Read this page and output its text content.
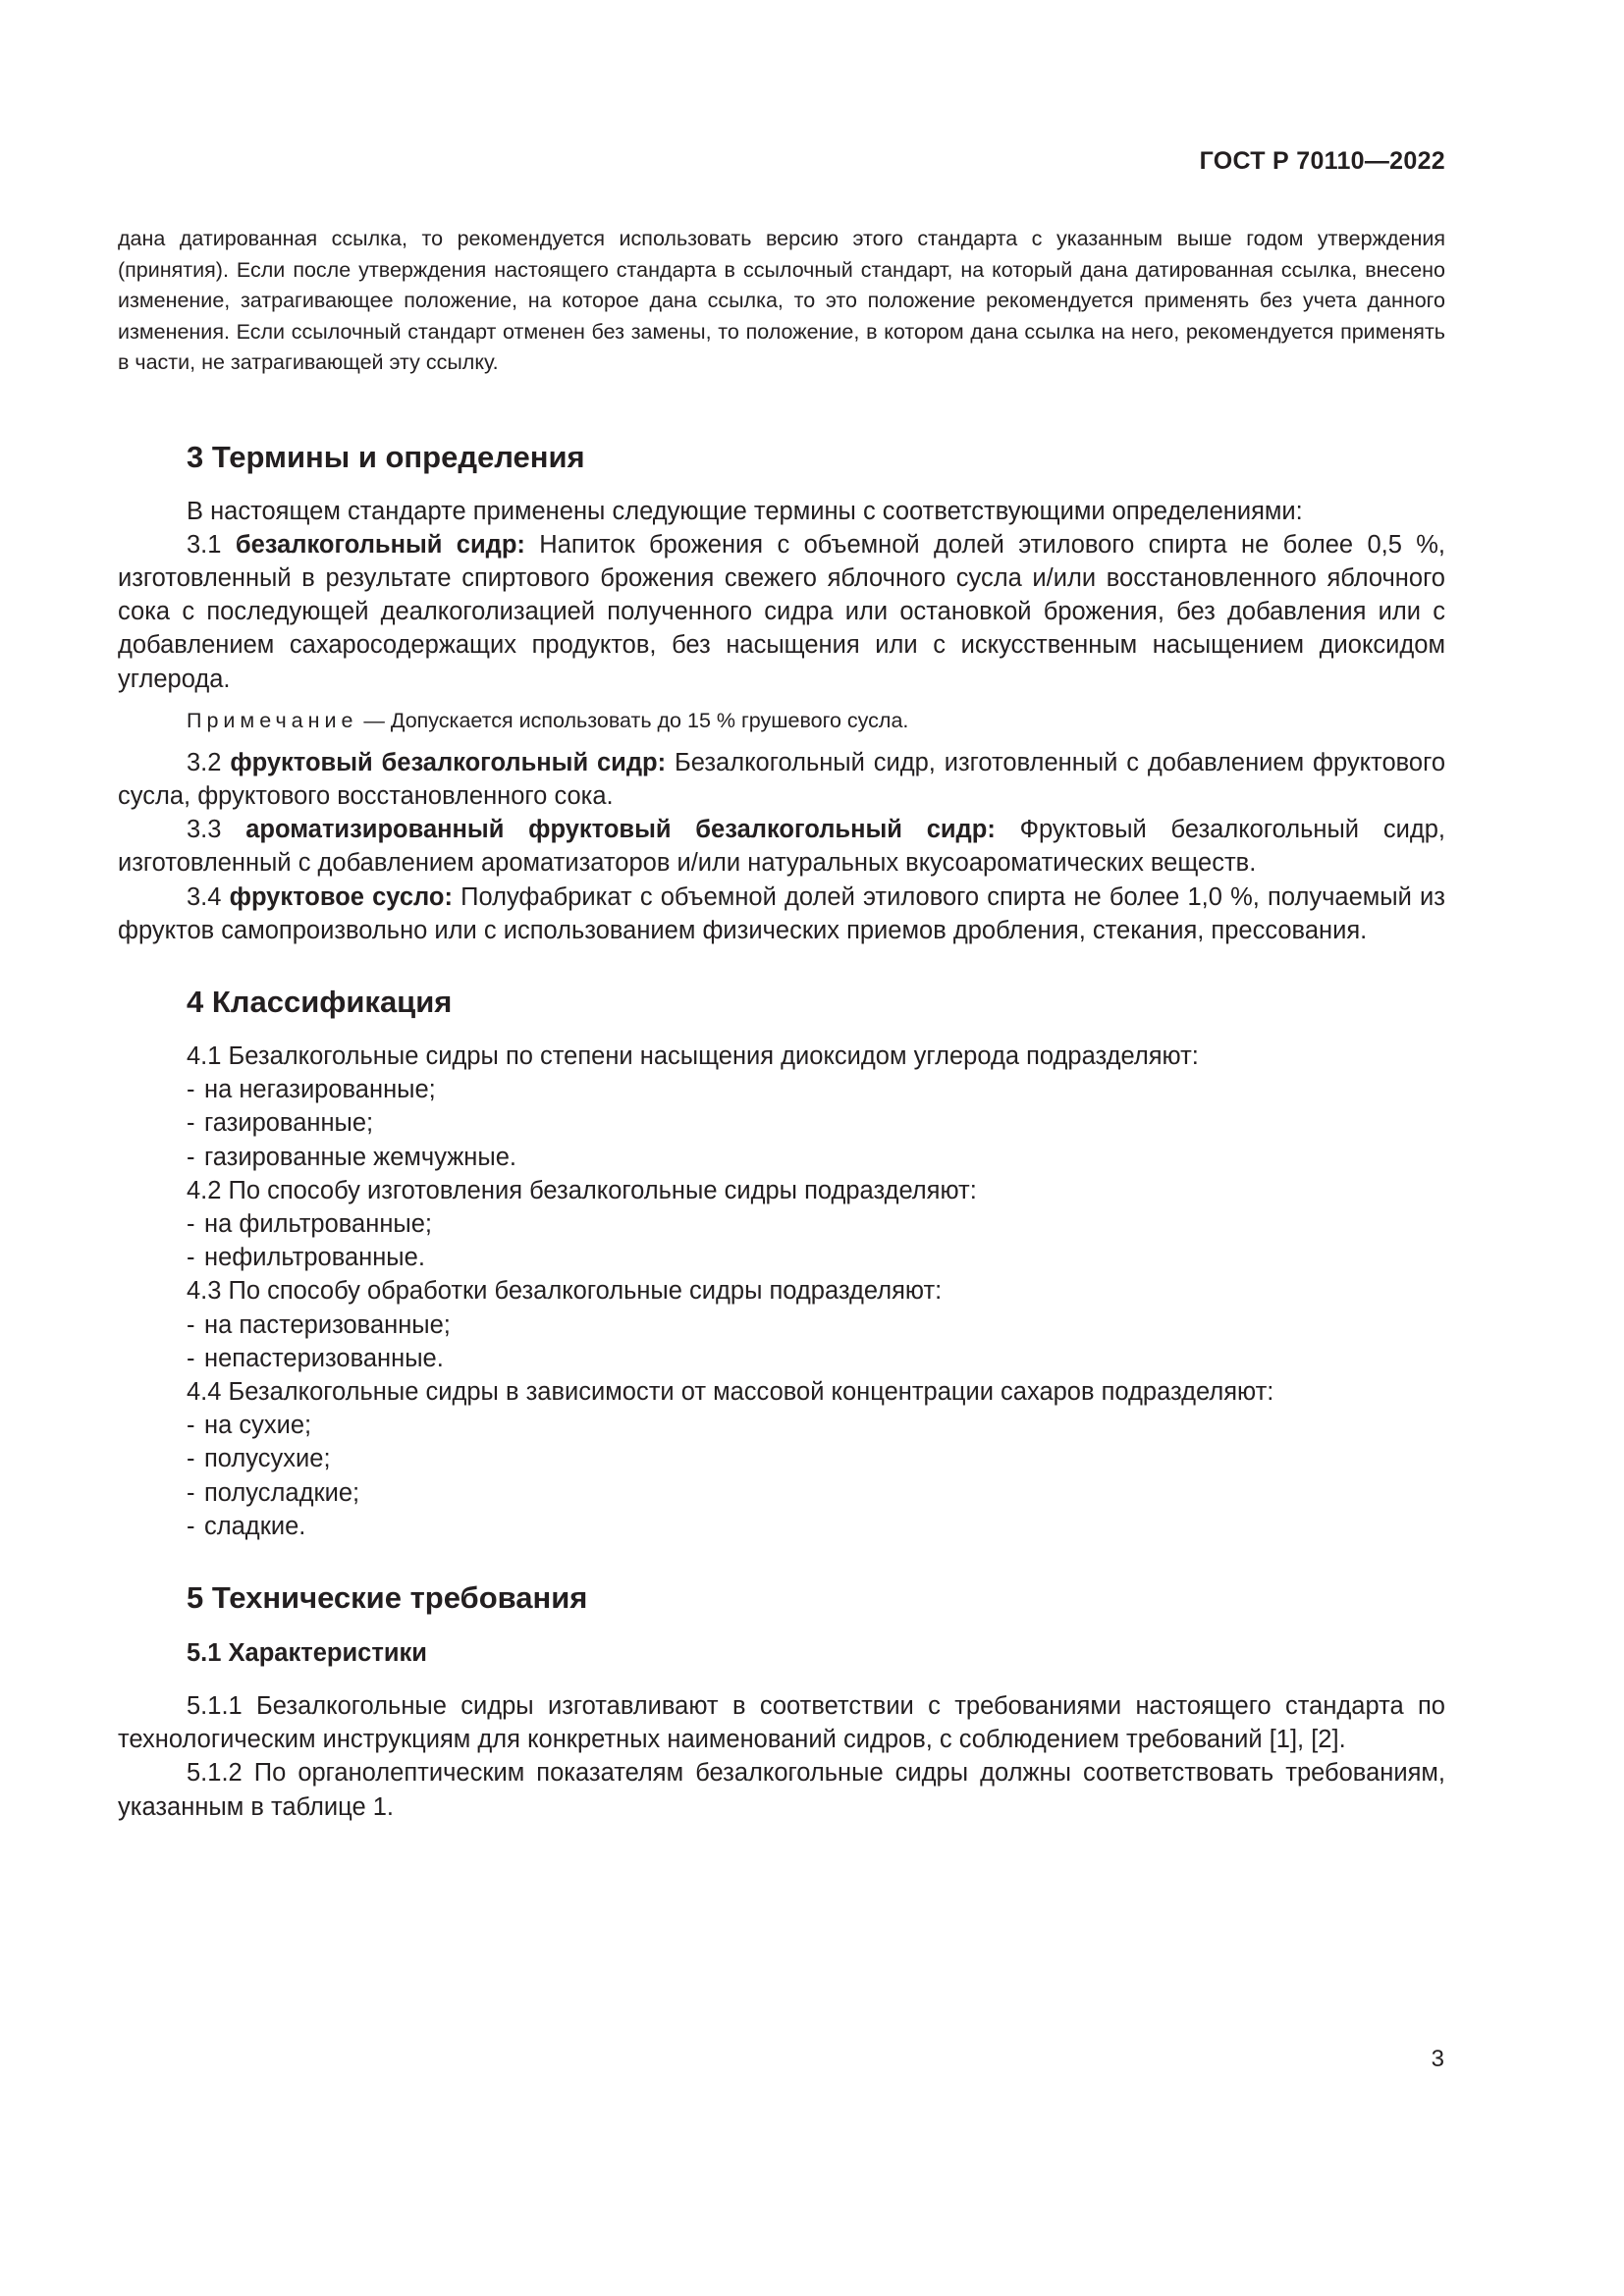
ГОСТ Р 70110—2022

дана датированная ссылка, то рекомендуется использовать версию этого стандарта с указанным выше годом утверждения (принятия). Если после утверждения настоящего стандарта в ссылочный стандарт, на который дана датированная ссылка, внесено изменение, затрагивающее положение, на которое дана ссылка, то это положение рекомендуется применять без учета данного изменения. Если ссылочный стандарт отменен без замены, то положение, в котором дана ссылка на него, рекомендуется применять в части, не затрагивающей эту ссылку.

3 Термины и определения

В настоящем стандарте применены следующие термины с соответствующими определениями:

3.1 безалкогольный сидр: Напиток брожения с объемной долей этилового спирта не более 0,5 %, изготовленный в результате спиртового брожения свежего яблочного сусла и/или восстановленного яблочного сока с последующей деалкоголизацией полученного сидра или остановкой брожения, без добавления или с добавлением сахаросодержащих продуктов, без насыщения или с искусственным насыщением диоксидом углерода.

Примечание — Допускается использовать до 15 % грушевого сусла.

3.2 фруктовый безалкогольный сидр: Безалкогольный сидр, изготовленный с добавлением фруктового сусла, фруктового восстановленного сока.

3.3 ароматизированный фруктовый безалкогольный сидр: Фруктовый безалкогольный сидр, изготовленный с добавлением ароматизаторов и/или натуральных вкусоароматических веществ.

3.4 фруктовое сусло: Полуфабрикат с объемной долей этилового спирта не более 1,0 %, получаемый из фруктов самопроизвольно или с использованием физических приемов дробления, стекания, прессования.

4 Классификация

4.1 Безалкогольные сидры по степени насыщения диоксидом углерода подразделяют:

- на негазированные;

- газированные;

- газированные жемчужные.

4.2 По способу изготовления безалкогольные сидры подразделяют:

- на фильтрованные;

- нефильтрованные.

4.3 По способу обработки безалкогольные сидры подразделяют:

- на пастеризованные;

- непастеризованные.

4.4 Безалкогольные сидры в зависимости от массовой концентрации сахаров подразделяют:

- на сухие;

- полусухие;

- полусладкие;

- сладкие.

5 Технические требования
5.1 Характеристики

5.1.1 Безалкогольные сидры изготавливают в соответствии с требованиями настоящего стандарта по технологическим инструкциям для конкретных наименований сидров, с соблюдением требований [1], [2].

5.1.2 По органолептическим показателям безалкогольные сидры должны соответствовать требованиям, указанным в таблице 1.

3
